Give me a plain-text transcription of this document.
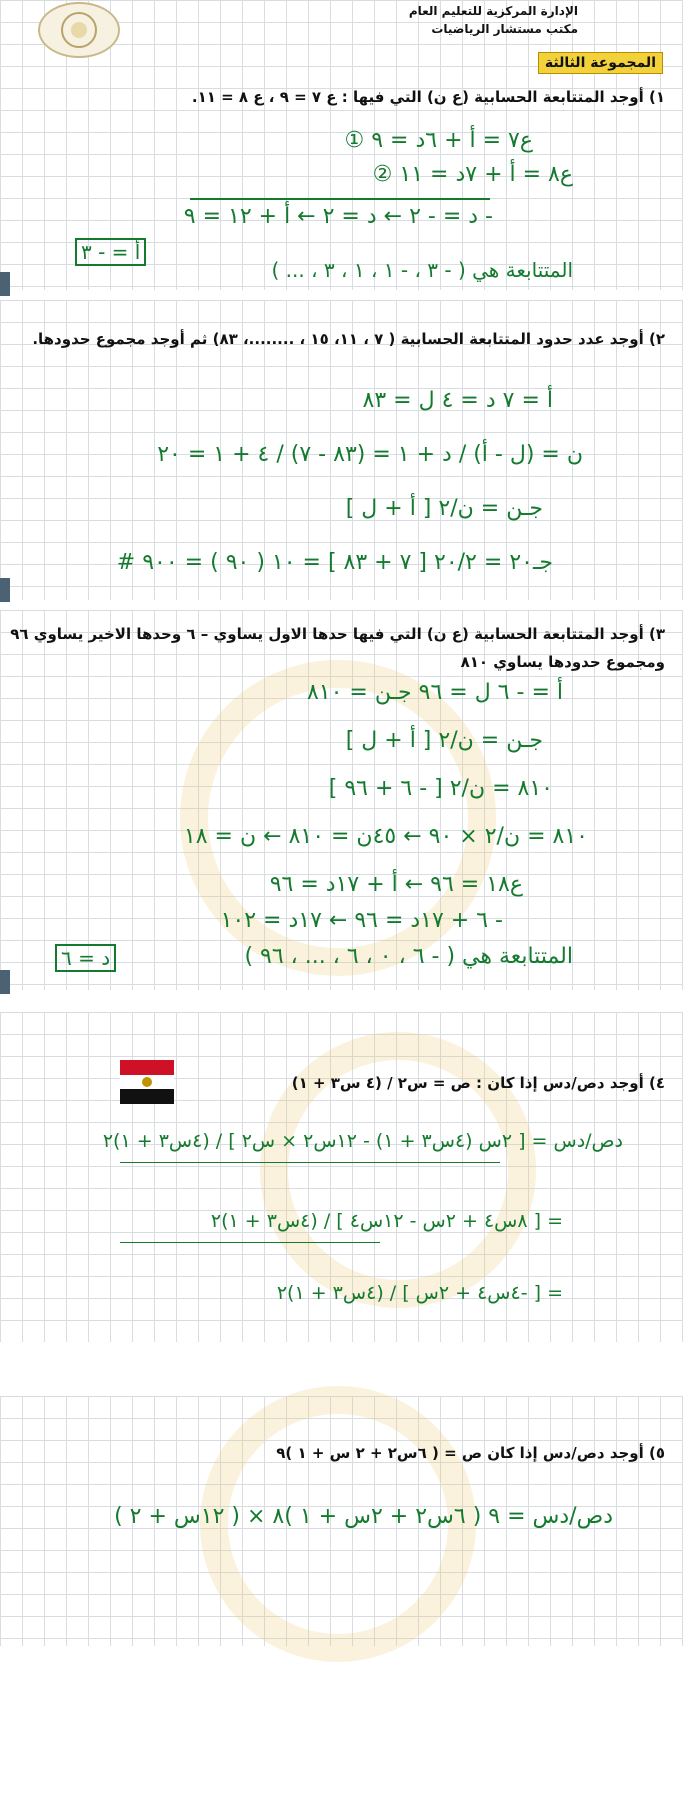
الإدارة المركزية للتعليم العام
مكتب مستشار الرياضيات
المجموعة الثالثة
١) أوجد المتتابعة الحسابية (ع ن) التي فيها : ع ٧ = ٩ ، ع ٨ = ١١.
ع٧ = أ + ٦د = ٩ ①
ع٨ = أ + ٧د = ١١ ②
- د = - ٢ ← د = ٢ ← أ + ١٢ = ٩
أ = - ٣
المتتابعة هي ( - ٣ ، - ١ ، ١ ، ٣ ، ... )
٢) أوجد عدد حدود المتتابعة الحسابية ( ٧ ، ١١، ١٥ ، ........، ٨٣) ثم أوجد مجموع حدودها.
أ = ٧ د = ٤ ل = ٨٣
ن = (ل - أ) / د + ١ = (٨٣ - ٧) / ٤ + ١ = ٢٠
جـن = ن/٢ [ أ + ل ]
جـ٢٠ = ٢٠/٢ [ ٧ + ٨٣ ] = ١٠ ( ٩٠ ) = ٩٠٠ #
٣) أوجد المتتابعة الحسابية (ع ن) التي فيها حدها الاول يساوي – ٦ وحدها الاخير يساوي ٩٦ ومجموع حدودها يساوي ٨١٠
أ = - ٦ ل = ٩٦ جـن = ٨١٠
جـن = ن/٢ [ أ + ل ]
٨١٠ = ن/٢ [ - ٦ + ٩٦ ]
٨١٠ = ن/٢ × ٩٠ ← ٤٥ن = ٨١٠ ← ن = ١٨
ع١٨ = ٩٦ ← أ + ١٧د = ٩٦
- ٦ + ١٧د = ٩٦ ← ١٧د = ١٠٢
المتتابعة هي ( - ٦ ، ٠ ، ٦ ، ... ، ٩٦ )
د = ٦
٤) أوجد دص/دس إذا كان : ص = س٢ / (٤ س٣ + ١)
دص/دس = [ ٢س (٤س٣ + ١) - ١٢س٢ × س٢ ] / (٤س٣ + ١)٢
= [ ٨س٤ + ٢س - ١٢س٤ ] / (٤س٣ + ١)٢
= [ -٤س٤ + ٢س ] / (٤س٣ + ١)٢
٥) أوجد دص/دس إذا كان ص = ( ٦س٢ + ٢ س + ١ )٩
دص/دس = ٩ ( ٦س٢ + ٢س + ١ )٨ × ( ١٢س + ٢ )
